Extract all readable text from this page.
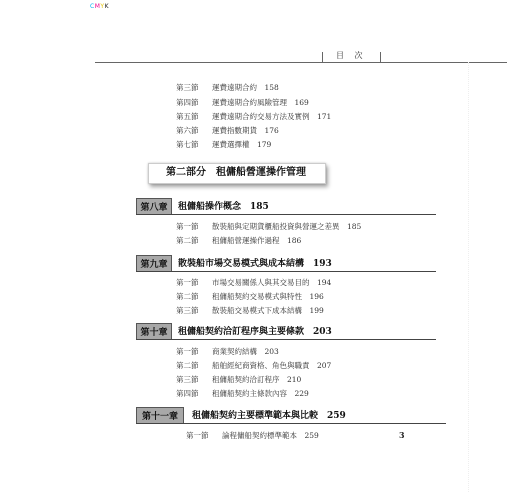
CMYK
目 次
第三節 運費遠期合約　 158
第四節 運費遠期合約風險管理　 169
第五節 運費遠期合約交易方法及實例　 171
第六節 運費指數期貨　 176
第七節 運費選擇權　 179
第二部分　租傭船營運操作管理
第八章 租傭船操作概念　 185
第一節 散裝船與定期貨櫃船投資與營運之差異　 185
第二節 租傭船營運操作過程　 186
第九章 散裝船市場交易模式與成本結構　 193
第一節 市場交易關係人與其交易目的　 194
第二節 租傭船契約交易模式與特性　 196
第三節 散裝船交易模式下成本結構　 199
第十章 租傭船契約洽訂程序與主要條款　 203
第一節 商業契約結構　 203
第二節 船舶經紀商資格、角色與職責　 207
第三節 租傭船契約洽訂程序　 210
第四節 租傭船契約主條款內容　 229
第十一章 租傭船契約主要標準範本與比較　 259
第一節 論程傭船契約標準範本　 259	3
